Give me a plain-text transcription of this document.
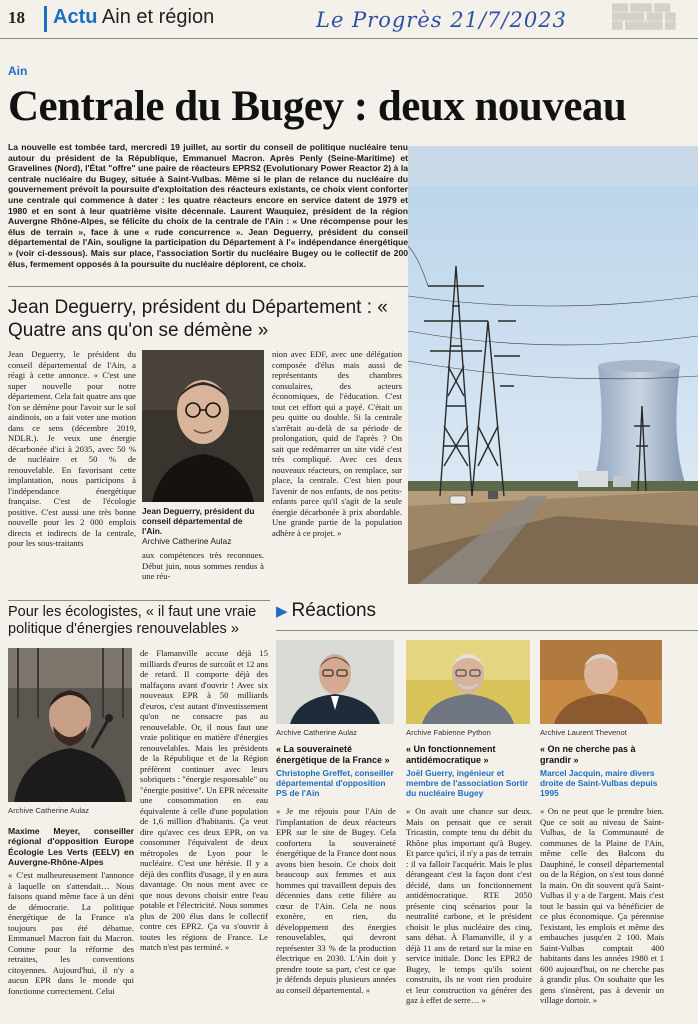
18 Actu Ain et région	Le Progrès 21/7/2023	▒▒▒ ▒▒▒▒ ▒▒▒
▒▒▒▒▒▒ ▒▒▒ ▒▒
▒▒ ▒▒▒▒▒▒▒ ▒▒
Ain
Centrale du Bugey : deux nouveau
La nouvelle est tombée tard, mercredi 19 juillet, au sortir du conseil de politique nucléaire tenu autour du président de la République, Emmanuel Macron. Après Penly (Seine-Maritime) et Gravelines (Nord), l'État "offre" une paire de réacteurs EPRS2 (Evolutionary Power Reactor 2) à la centrale nucléaire du Bugey, située à Saint-Vulbas. Même si le plan de relance du nucléaire du gouvernement prévoit la poursuite d'exploitation des réacteurs existants, ce choix vient conforter une centrale qui commence à dater : les quatre réacteurs encore en service datent de 1979 et 1980 et en sont à leur quatrième visite décennale. Laurent Wauquiez, président de la région Auvergne Rhône-Alpes, se félicite du choix de la centrale de l'Ain : « Une récompense pour les élus de terrain », face à une « rude concurrence ». Jean Deguerry, président du conseil départemental de l'Ain, souligne la participation du Département à l'« indépendance énergétique » (voir ci-dessous). Mais sur place, l'association Sortir du nucléaire Bugey ou le collectif de 200 élus, fermement opposés à la poursuite du nucléaire déplorent, ce choix.
Jean Deguerry, président du Département : « Quatre ans qu'on se démène »
Jean Deguerry, le président du conseil départemental de l'Ain, a réagi à cette annonce. « C'est une super nouvelle pour notre département. Cela fait quatre ans que l'on se démène pour l'avoir sur le sol aindinois, on a fait voter une motion dans ce sens (décembre 2019, NDLR.). Je veux une énergie décarbonée d'ici à 2035, avec 50 % de nucléaire et 50 % de renouvelable. En favorisant cette implantation, nous participons à l'indépendance énergétique française. C'est de l'écologie positive. C'est aussi une très bonne nouvelle pour les 2 000 emplois directs et indirects de la centrale, pour les sous-traitants
Jean Deguerry, président du conseil départemental de l'Ain.
Archive Catherine Aulaz
aux compétences très reconnues. Début juin, nous sommes rendus à une réu-
nion avec EDF, avec une délégation composée d'élus mais aussi de représentants des chambres consulaires, des acteurs économiques, de l'éducation. C'est tout cet effort qui a payé. C'était un peu quitte ou double. Si la centrale s'arrêtait au-delà de sa période de prolongation, quid de l'après ? On sait que redémarrer un site vidé c'est très compliqué. Avec ces deux nouveaux réacteurs, on remplace, sur place, la centrale. C'est bien pour l'avenir de nos enfants, de nos petits-enfants parce qu'il s'agit de la seule énergie décarbonée à prix abordable. Une grande partie de la population adhère à ce projet. »
Pour les écologistes, « il faut une vraie politique d'énergies renouvelables »
Archive Catherine Aulaz
Maxime Meyer, conseiller régional d'opposition Europe Écologie Les Verts (EELV) en Auvergne-Rhône-Alpes
« C'est malheureusement l'annonce à laquelle on s'attendait… Nous faisons quand même face à un déni de démocratie. La politique énergétique de la France n'a toujours pas été débattue. Emmanuel Macron fait du Macron. Comme pour la réforme des retraites, les conventions citoyennes. Aujourd'hui, il n'y a aucun EPR dans le monde qui fonctionne correctement. Celui
de Flamanville accuse déjà 15 milliards d'euros de surcoût et 12 ans de retard. Il comporte déjà des malfaçons avant d'ouvrir ! Avec six nouveaux EPR à 50 milliards d'euros, c'est autant d'investissement qu'on ne consacre pas au renouvelable. Or, il nous faut une vraie politique en matière d'énergies renouvelables. Mais les présidents de la République et de la Région préfèrent continuer avec leurs sobriquets : "énergie responsable" ou "énergie positive". Un EPR nécessite une consommation en eau équivalente à celle d'une population de 1,6 million d'habitants. Ça veut dire qu'avec ces deux EPR, on va consommer l'équivalent de deux métropoles de Lyon pour le nucléaire. C'est une hérésie. Il y a déjà des conflits d'usage, il y en aura davantage. On nous ment avec ce que nous devons choisir entre l'eau potable et l'électricité. Nous sommes plus de 200 élus dans le collectif contre ces EPR2. Ça va s'ouvrir à toutes les régions de France. Le match n'est pas terminé. »
▶ Réactions
Archive Catherine Aulaz
« La souveraineté énergétique de la France »
Christophe Greffet, conseiller départemental d'opposition PS de l'Ain
« Je me réjouis pour l'Ain de l'implantation de deux réacteurs EPR sur le site de Bugey. Cela confortera la souveraineté énergétique de la France dont nous avons bien besoin. Ce choix doit beaucoup aux femmes et aux hommes qui travaillent depuis des décennies dans cette filière au cœur de l'Ain. Cela ne nous exonère, en rien, du développement des énergies renouvelables, qui devront représenter 33 % de la production électrique en 2030. L'Ain doit y prendre toute sa part, c'est ce que je défends depuis plusieurs années au conseil départemental. »
Archive Fabienne Python
« Un fonctionnement antidémocratique »
Joël Guerry, ingénieur et membre de l'association Sortir du nucléaire Bugey
« On avait une chance sur deux. Mais on pensait que ce serait Tricastin, compte tenu du débit du Rhône plus important qu'à Bugey. Et parce qu'ici, il n'y a pas de terrain : il va falloir l'acquérir. Mais le plus dérangeant c'est la façon dont c'est décidé, dans un fonctionnement antidémocratique. RTE 2050 présente cinq scénarios pour la neutralité carbone, et le président choisit le plus nucléaire des cinq, sans débat. À Flamanville, il y a déjà 11 ans de retard sur la mise en service initiale. Donc les EPR2 de Bugey, le temps qu'ils soient construits, ils ne vont rien produire et leur construction va générer des gaz à effet de serre… »
Archive Laurent Thevenot
« On ne cherche pas à grandir »
Marcel Jacquin, maire divers droite de Saint-Vulbas depuis 1995
« On ne peut que le prendre bien. Que ce soit au niveau de Saint-Vulbas, de la Communauté de communes de la Plaine de l'Ain, même celle des Balcons du Dauphiné, le conseil départemental ou de la Région, on s'est tous donné la main. On dit souvent qu'à Saint-Vulbas il y a de l'argent. Mais c'est tout le bassin qui va bénéficier de ce plus économique. Ça pérennise l'existant, les emplois et même des embauches jusqu'en 2 100. Mais Saint-Vulbas comptait 400 habitants dans les années 1980 et 1 600 aujourd'hui, on ne cherche pas à grandir plus. On souhaite que les gens s'insèrent, pas à devenir un village dortoir. »
